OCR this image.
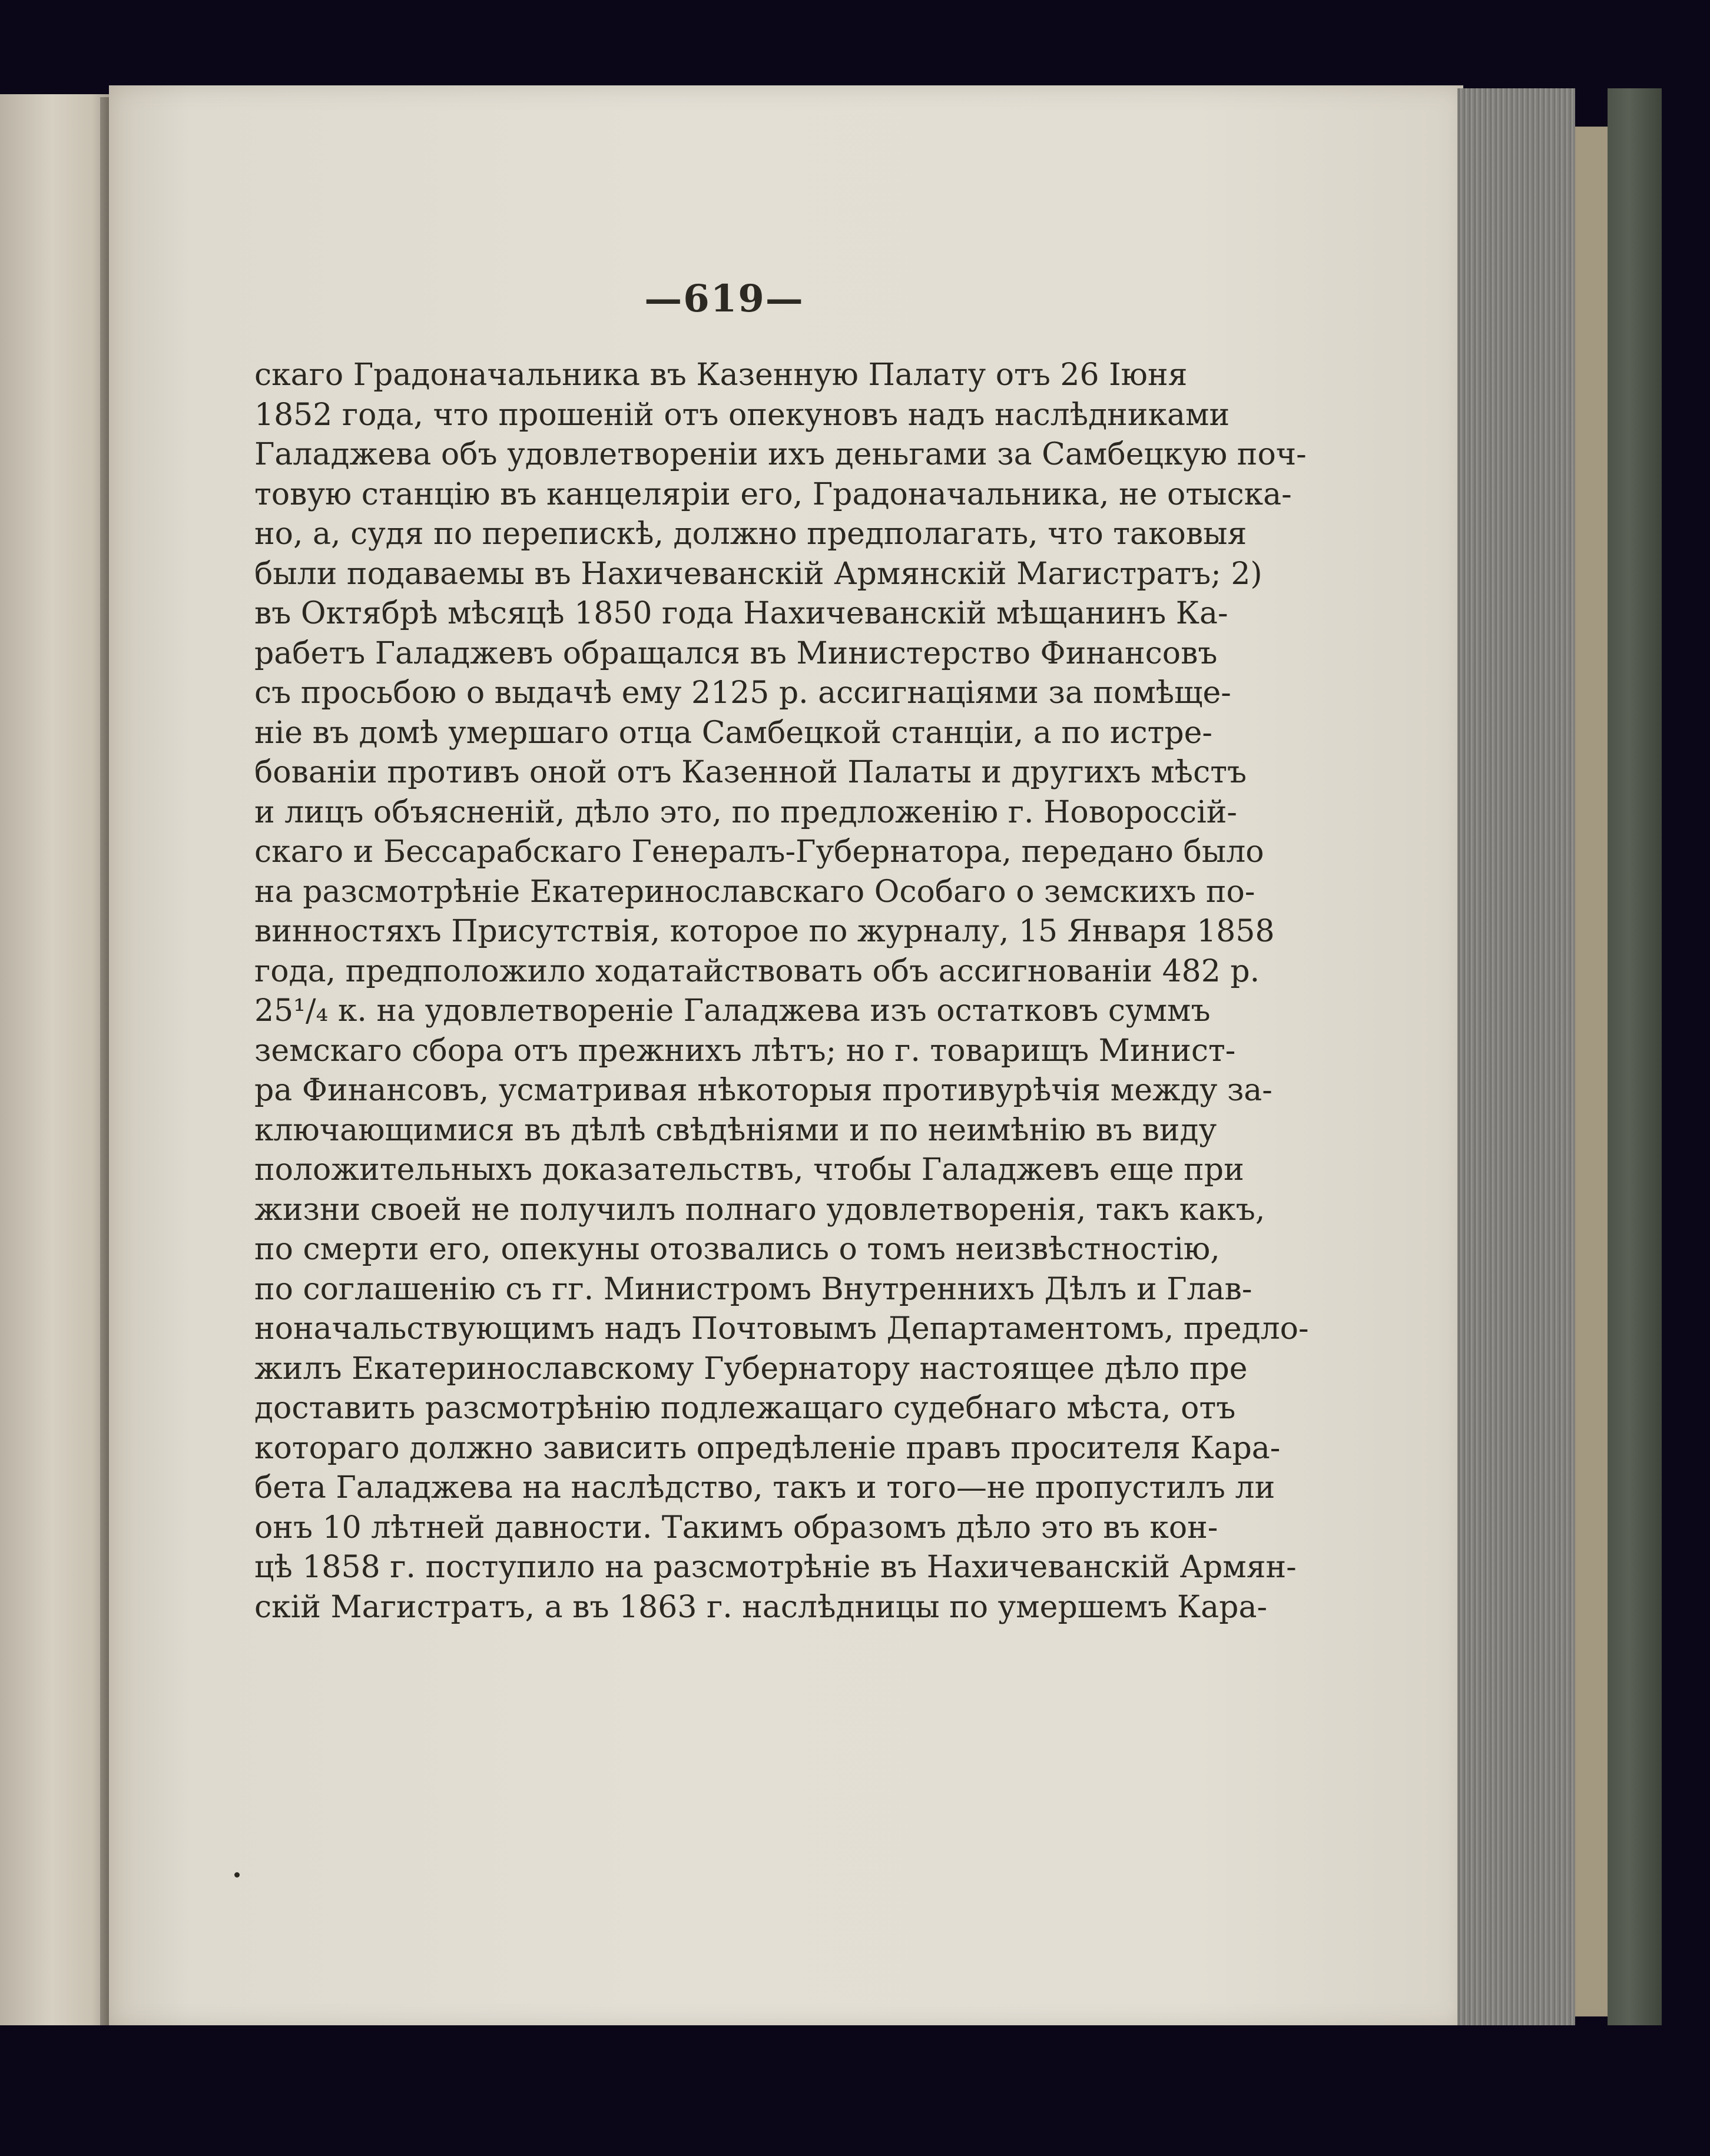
—619—
скаго Градоначальника въ Казенную Палату отъ 26 Іюня
1852 года, что прошеній отъ опекуновъ надъ наслѣдниками
Галаджева объ удовлетвореніи ихъ деньгами за Самбецкую поч-
товую станцію въ канцеляріи его, Градоначальника, не отыска-
но, а, судя по перепискѣ, должно предполагать, что таковыя
были подаваемы въ Нахичеванскій Армянскій Магистратъ; 2)
въ Октябрѣ мѣсяцѣ 1850 года Нахичеванскій мѣщанинъ Ка-
рабетъ Галаджевъ обращался въ Министерство Финансовъ
съ просьбою о выдачѣ ему 2125 р. ассигнаціями за помѣще-
ніе въ домѣ умершаго отца Самбецкой станціи, а по истре-
бованіи противъ оной отъ Казенной Палаты и другихъ мѣстъ
и лицъ объясненій, дѣло это, по предложенію г. Новороссій-
скаго и Бессарабскаго Генералъ-Губернатора, передано было
на разсмотрѣніе Екатеринославскаго Особаго о земскихъ по-
винностяхъ Присутствія, которое по журналу, 15 Января 1858
года, предположило ходатайствовать объ ассигнованіи 482 р.
25¹/₄ к. на удовлетвореніе Галаджева изъ остатковъ суммъ
земскаго сбора отъ прежнихъ лѣтъ; но г. товарищъ Минист-
ра Финансовъ, усматривая нѣкоторыя противурѣчія между за-
ключающимися въ дѣлѣ свѣдѣніями и по неимѣнію въ виду
положительныхъ доказательствъ, чтобы Галаджевъ еще при
жизни своей не получилъ полнаго удовлетворенія, такъ какъ,
по смерти его, опекуны отозвались о томъ неизвѣстностію,
по соглашенію съ гг. Министромъ Внутреннихъ Дѣлъ и Глав-
ноначальствующимъ надъ Почтовымъ Департаментомъ, предло-
жилъ Екатеринославскому Губернатору настоящее дѣло пре
доставить разсмотрѣнію подлежащаго судебнаго мѣста, отъ
котораго должно зависить опредѣленіе правъ просителя Кара-
бета Галаджева на наслѣдство, такъ и того—не пропустилъ ли
онъ 10 лѣтней давности. Такимъ образомъ дѣло это въ кон-
цѣ 1858 г. поступило на разсмотрѣніе въ Нахичеванскій Армян-
скій Магистратъ, а въ 1863 г. наслѣдницы по умершемъ Кара-
